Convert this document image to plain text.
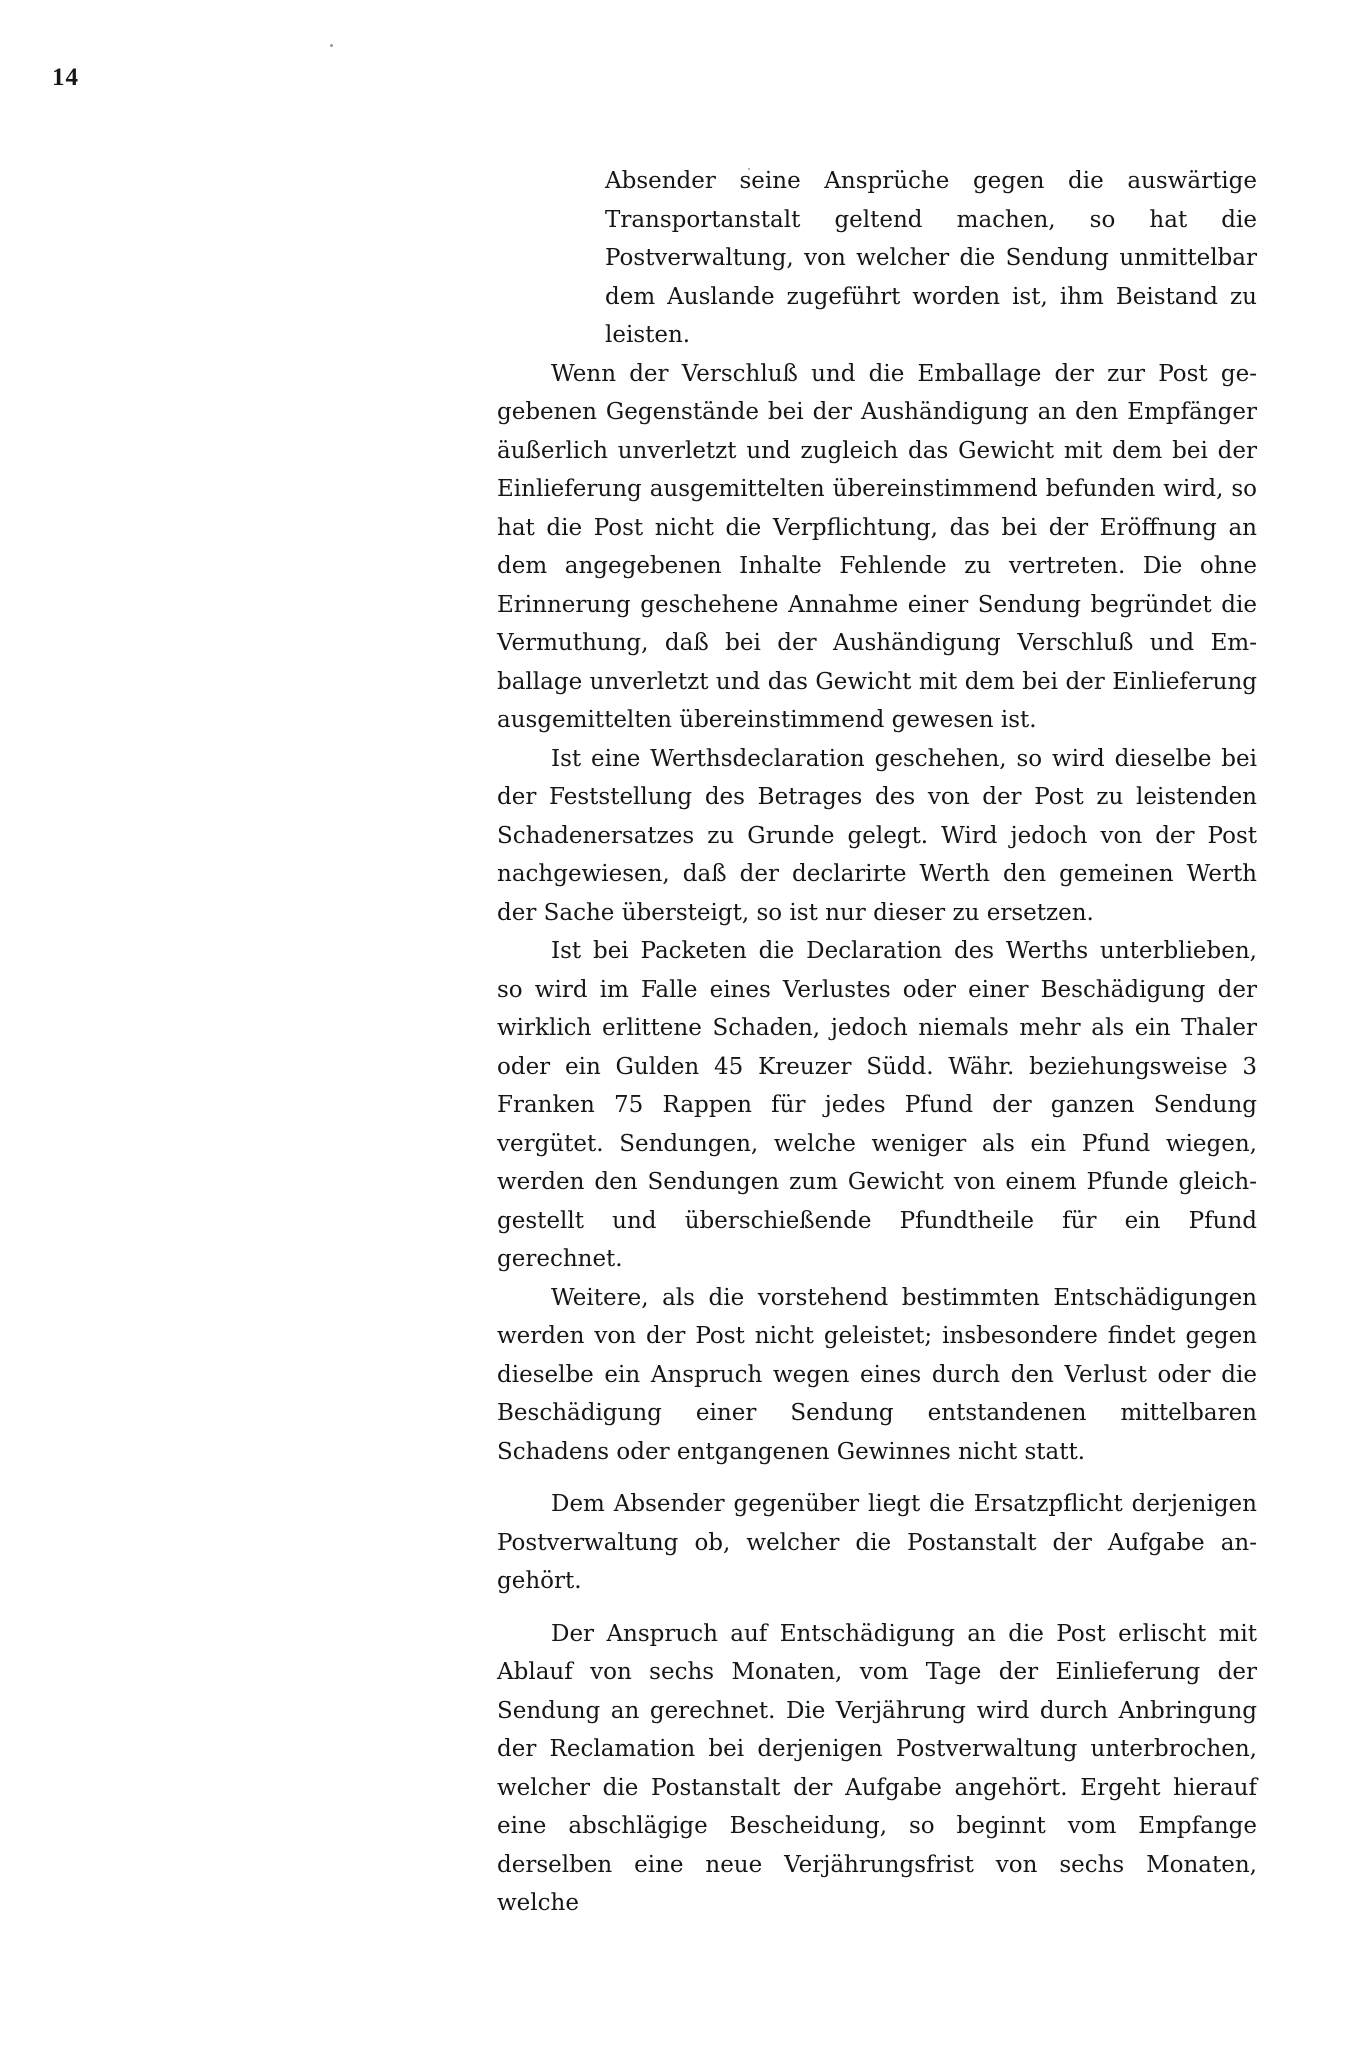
14

Absender seine Ansprüche gegen die auswärtige Transportanstalt geltend machen, so hat die Postverwaltung, von welcher die Sendung unmittelbar dem Auslande zugeführt worden ist, ihm Beistand zu leisten.

Wenn der Verschluß und die Emballage der zur Post gegebenen Gegenstände bei der Aushändigung an den Empfänger äußerlich unverletzt und zugleich das Gewicht mit dem bei der Einlieferung ausgemittelten übereinstimmend befunden wird, so hat die Post nicht die Verpflichtung, das bei der Eröffnung an dem angegebenen Inhalte Fehlende zu vertreten. Die ohne Erinnerung geschehene Annahme einer Sendung begründet die Vermuthung, daß bei der Aushändigung Verschluß und Emballage unverletzt und das Gewicht mit dem bei der Einlieferung ausgemittelten übereinstimmend gewesen ist.

Ist eine Werthsdeclaration geschehen, so wird dieselbe bei der Feststellung des Betrages des von der Post zu leistenden Schadenersatzes zu Grunde gelegt. Wird jedoch von der Post nachgewiesen, daß der declarirte Werth den gemeinen Werth der Sache übersteigt, so ist nur dieser zu ersetzen.

Ist bei Packeten die Declaration des Werths unterblieben, so wird im Falle eines Verlustes oder einer Beschädigung der wirklich erlittene Schaden, jedoch niemals mehr als ein Thaler oder ein Gulden 45 Kreuzer Südd. Währ. beziehungsweise 3 Franken 75 Rappen für jedes Pfund der ganzen Sendung vergütet. Sendungen, welche weniger als ein Pfund wiegen, werden den Sendungen zum Gewicht von einem Pfunde gleichgestellt und überschießende Pfundtheile für ein Pfund gerechnet.

Weitere, als die vorstehend bestimmten Entschädigungen werden von der Post nicht geleistet; insbesondere findet gegen dieselbe ein Anspruch wegen eines durch den Verlust oder die Beschädigung einer Sendung entstandenen mittelbaren Schadens oder entgangenen Gewinnes nicht statt.

Dem Absender gegenüber liegt die Ersatzpflicht derjenigen Postverwaltung ob, welcher die Postanstalt der Aufgabe angehört.

Der Anspruch auf Entschädigung an die Post erlischt mit Ablauf von sechs Monaten, vom Tage der Einlieferung der Sendung an gerechnet. Die Verjährung wird durch Anbringung der Reclamation bei derjenigen Postverwaltung unterbrochen, welcher die Postanstalt der Aufgabe angehört. Ergeht hierauf eine abschlägige Bescheidung, so beginnt vom Empfange derselben eine neue Verjährungsfrist von sechs Monaten, welche
